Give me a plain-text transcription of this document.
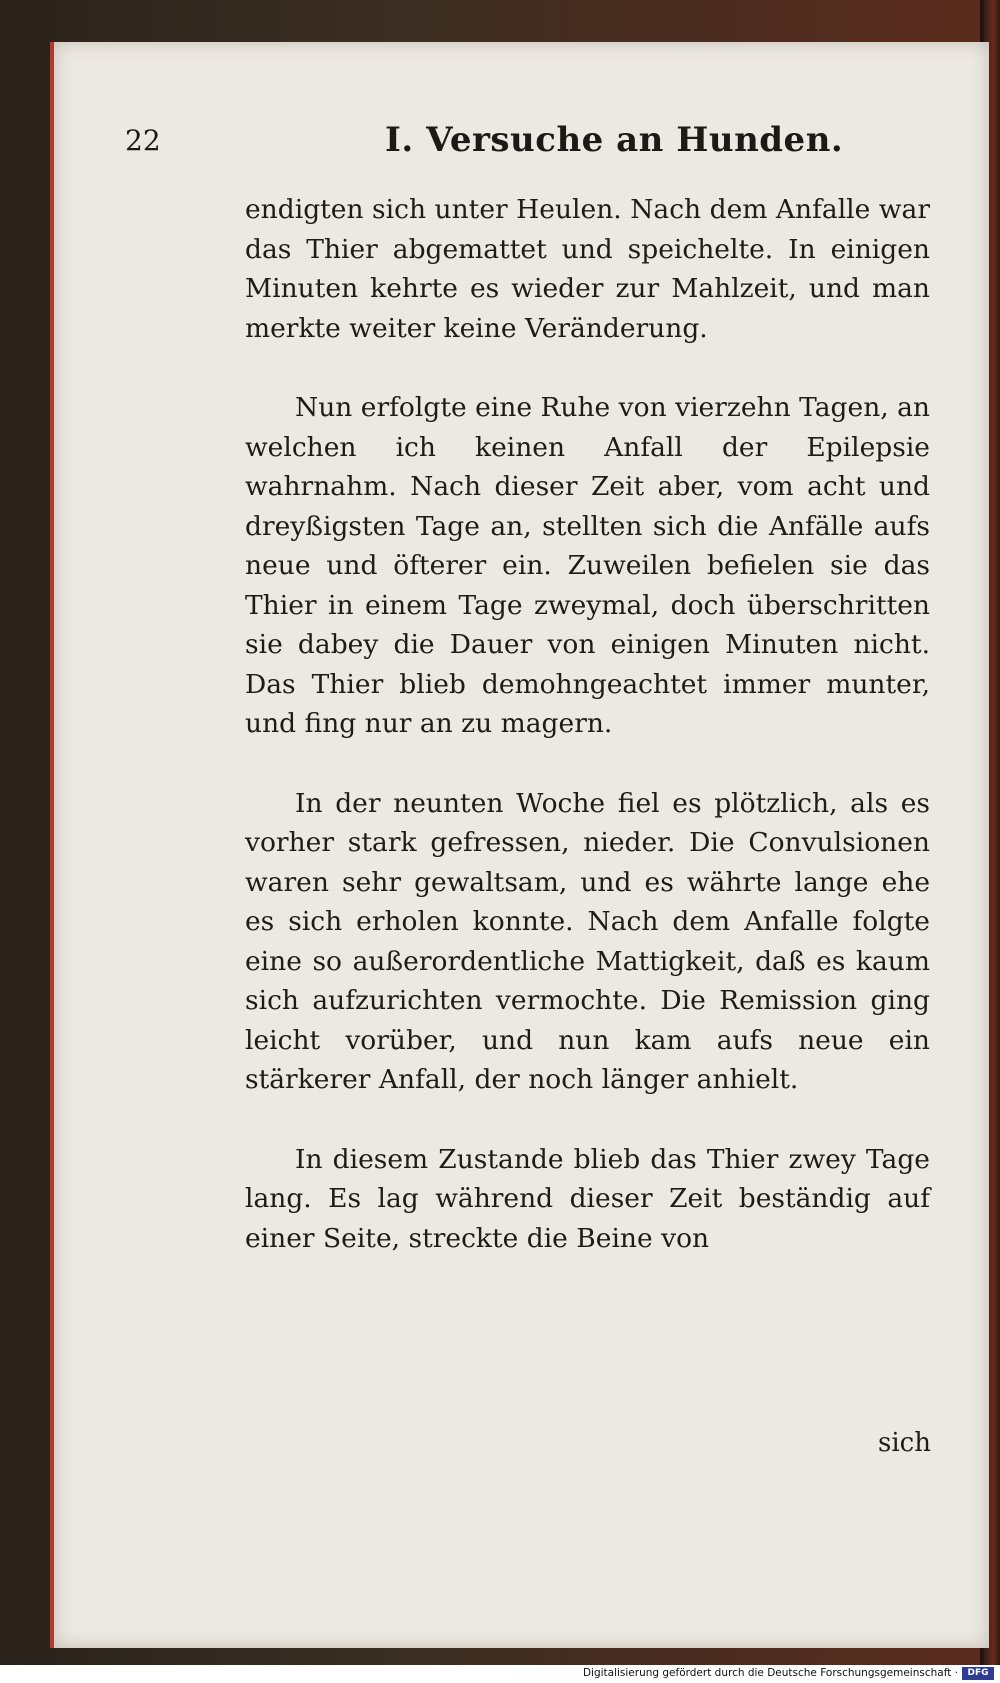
22	I. Versuche an Hunden.

endigten sich unter Heulen. Nach dem Anfalle war das Thier abgemattet und speichelte. In einigen Minuten kehrte es wieder zur Mahlzeit, und man merkte weiter keine Veränderung.

Nun erfolgte eine Ruhe von vierzehn Tagen, an welchen ich keinen Anfall der Epilepsie wahrnahm. Nach dieser Zeit aber, vom acht und dreyßigsten Tage an, stellten sich die Anfälle aufs neue und öfterer ein. Zuweilen befielen sie das Thier in einem Tage zweymal, doch überschritten sie dabey die Dauer von einigen Minuten nicht. Das Thier blieb demohngeachtet immer munter, und fing nur an zu magern.

In der neunten Woche fiel es plötzlich, als es vorher stark gefressen, nieder. Die Convulsionen waren sehr gewaltsam, und es währte lange ehe es sich erholen konnte. Nach dem Anfalle folgte eine so außerordentliche Mattigkeit, daß es kaum sich aufzurichten vermochte. Die Remission ging leicht vorüber, und nun kam aufs neue ein stärkerer Anfall, der noch länger anhielt.

In diesem Zustande blieb das Thier zwey Tage lang. Es lag während dieser Zeit beständig auf einer Seite, streckte die Beine von

sich
Digitalisierung gefördert durch die Deutsche Forschungsgemeinschaft ·	DFG
